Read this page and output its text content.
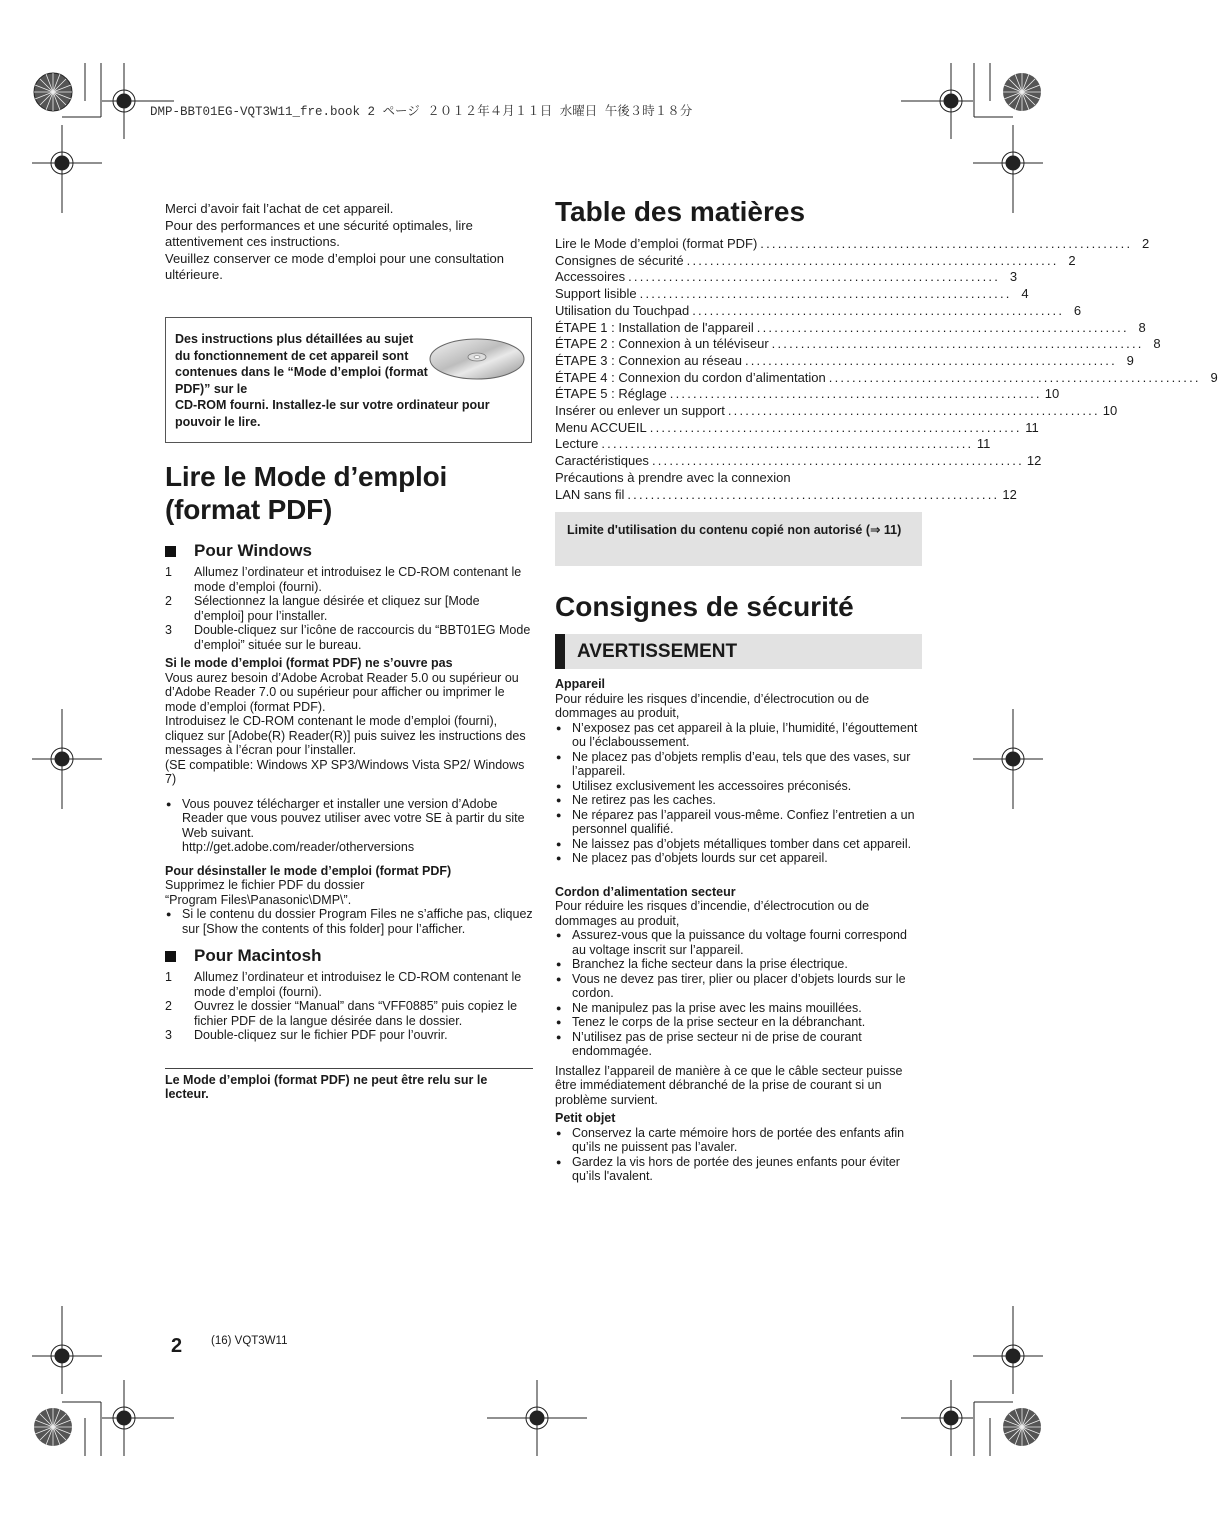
DMP-BBT01EG-VQT3W11_fre.book 2 ページ ２０１２年４月１１日 水曜日 午後３時１８分
Merci d’avoir fait l’achat de cet appareil.
Pour des performances et une sécurité optimales, lire attentivement ces instructions.
Veuillez conserver ce mode d’emploi pour une consultation ultérieure.
Des instructions plus détaillées au sujet du fonctionnement de cet appareil sont contenues dans le “Mode d’emploi (format PDF)” sur le
CD-ROM fourni. Installez-le sur votre ordinateur pour pouvoir le lire.
Lire le Mode d’emploi (format PDF)
Pour Windows
1	Allumez l’ordinateur et introduisez le CD-ROM contenant le mode d’emploi (fourni).
2	Sélectionnez la langue désirée et cliquez sur [Mode d’emploi] pour l’installer.
3	Double-cliquez sur l’icône de raccourcis du “BBT01EG Mode d’emploi” située sur le bureau.
Si le mode d’emploi (format PDF) ne s’ouvre pas
Vous aurez besoin d’Adobe Acrobat Reader 5.0 ou supérieur ou d’Adobe Reader 7.0 ou supérieur pour afficher ou imprimer le mode d’emploi (format PDF).
Introduisez le CD-ROM contenant le mode d’emploi (fourni), cliquez sur [Adobe(R) Reader(R)] puis suivez les instructions des messages à l’écran pour l’installer.
(SE compatible: Windows XP SP3/Windows Vista SP2/ Windows 7)
● Vous pouvez télécharger et installer une version d’Adobe Reader que vous pouvez utiliser avec votre SE à partir du site Web suivant.
http://get.adobe.com/reader/otherversions
Pour désinstaller le mode d’emploi (format PDF)
Supprimez le fichier PDF du dossier
“Program Files\Panasonic\DMP\”.
● Si le contenu du dossier Program Files ne s’affiche pas, cliquez sur [Show the contents of this folder] pour l’afficher.
Pour Macintosh
1	Allumez l’ordinateur et introduisez le CD-ROM contenant le mode d’emploi (fourni).
2	Ouvrez le dossier “Manual” dans “VFF0885” puis copiez le fichier PDF de la langue désirée dans le dossier.
3	Double-cliquez sur le fichier PDF pour l’ouvrir.
Le Mode d’emploi (format PDF) ne peut être relu sur le lecteur.
Table des matières
Lire le Mode d’emploi (format PDF) ................................................................ 2
Consignes de sécurité ................................................................ 2
Accessoires ................................................................ 3
Support lisible ................................................................ 4
Utilisation du Touchpad ................................................................ 6
ÉTAPE 1 : Installation de l'appareil ................................................................ 8
ÉTAPE 2 : Connexion à un téléviseur ................................................................ 8
ÉTAPE 3 : Connexion au réseau ................................................................ 9
ÉTAPE 4 : Connexion du cordon d’alimentation ................................................................ 9
ÉTAPE 5 : Réglage ................................................................ 10
Insérer ou enlever un support ................................................................ 10
Menu ACCUEIL ................................................................ 11
Lecture ................................................................ 11
Caractéristiques ................................................................ 12
Précautions à prendre avec la connexion
LAN sans fil ................................................................ 12
Limite d'utilisation du contenu copié non autorisé (⇒ 11)
Consignes de sécurité
AVERTISSEMENT
Appareil
Pour réduire les risques d’incendie, d’électrocution ou de dommages au produit,
● N’exposez pas cet appareil à la pluie, l’humidité, l’égouttement ou l’éclaboussement.
● Ne placez pas d’objets remplis d’eau, tels que des vases, sur l’appareil.
● Utilisez exclusivement les accessoires préconisés.
● Ne retirez pas les caches.
● Ne réparez pas l’appareil vous-même. Confiez l’entretien a un personnel qualifié.
● Ne laissez pas d’objets métalliques tomber dans cet appareil.
● Ne placez pas d’objets lourds sur cet appareil.
Cordon d’alimentation secteur
Pour réduire les risques d’incendie, d’électrocution ou de dommages au produit,
● Assurez-vous que la puissance du voltage fourni correspond au voltage inscrit sur l’appareil.
● Branchez la fiche secteur dans la prise électrique.
● Vous ne devez pas tirer, plier ou placer d’objets lourds sur le cordon.
● Ne manipulez pas la prise avec les mains mouillées.
● Tenez le corps de la prise secteur en la débranchant.
● N’utilisez pas de prise secteur ni de prise de courant endommagée.
Installez l’appareil de manière à ce que le câble secteur puisse être immédiatement débranché de la prise de courant si un problème survient.
Petit objet
● Conservez la carte mémoire hors de portée des enfants afin qu’ils ne puissent pas l’avaler.
● Gardez la vis hors de portée des jeunes enfants pour éviter qu’ils l'avalent.
2	(16) VQT3W11
